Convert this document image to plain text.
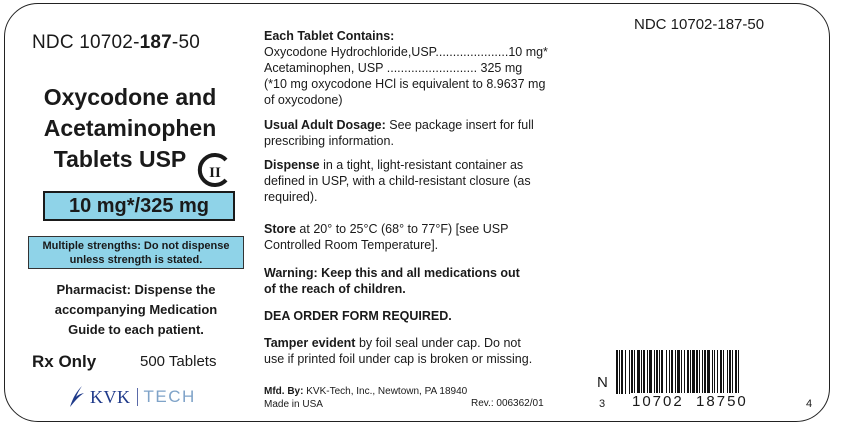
NDC 10702-187-50
Oxycodone and
Acetaminophen
Tablets USP
II
10 mg*/325 mg
Multiple strengths: Do not dispense
unless strength is stated.
Pharmacist: Dispense the
accompanying Medication
Guide to each patient.
Rx Only	500 Tablets
KVK TECH
Each Tablet Contains:
Oxycodone Hydrochloride,USP.....................10 mg*
Acetaminophen, USP .......................... 325 mg
(*10 mg oxycodone HCl is equivalent to 8.9637 mg
of oxycodone)
Usual Adult Dosage: See package insert for full
prescribing information.
Dispense in a tight, light-resistant container as
defined in USP, with a child-resistant closure (as
required).
Store at 20° to 25°C (68° to 77°F) [see USP
Controlled Room Temperature].
Warning: Keep this and all medications out
of the reach of children.
DEA ORDER FORM REQUIRED.
Tamper evident by foil seal under cap. Do not
use if printed foil under cap is broken or missing.
Mfd. By: KVK-Tech, Inc., Newtown, PA 18940
Made in USA	Rev.: 006362/01
NDC 10702-187-50
N
3 10702  18750	4
